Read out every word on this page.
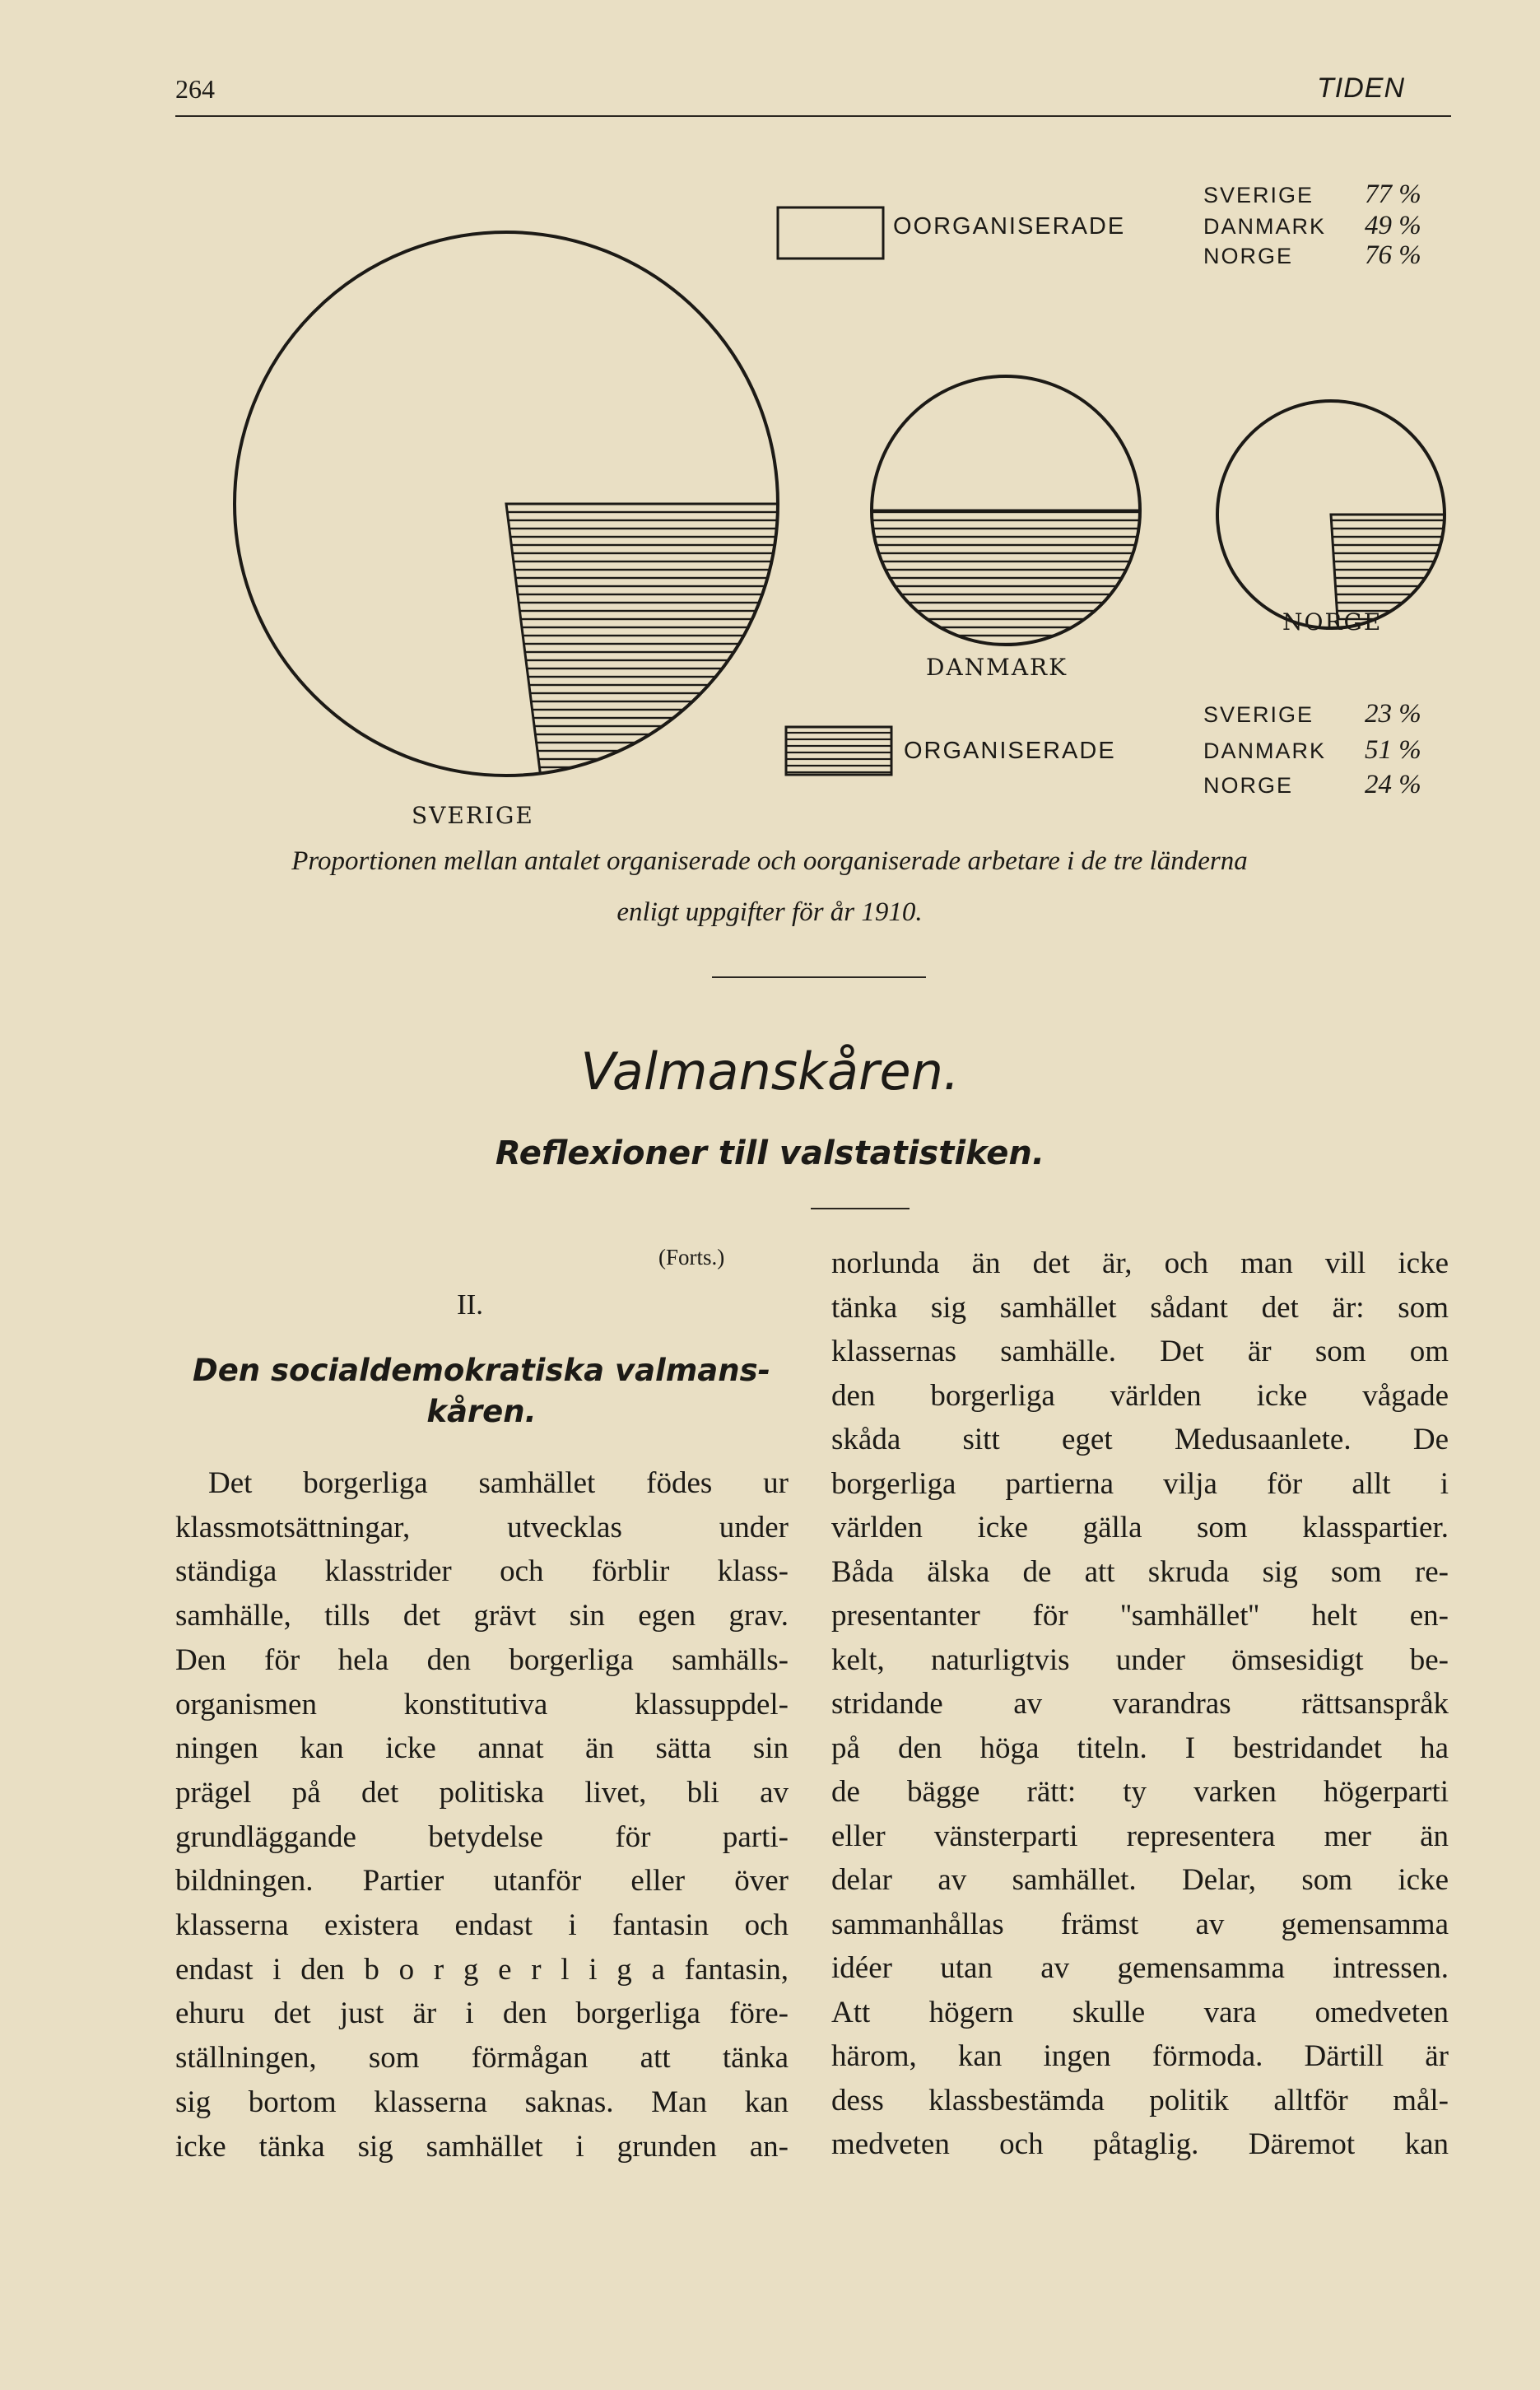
264	TIDEN
OORGANISERADE
SVERIGE
DANMARK
NORGE
77 %
49 %
76 %
ORGANISERADE
SVERIGE
DANMARK
NORGE
23 %
51 %
24 %
SVERIGE
DANMARK
NORGE
Proportionen mellan antalet organiserade och oorganiserade arbetare i de tre länderna
enligt uppgifter för år 1910.
Valmanskåren.
Reflexioner till valstatistiken.
(Forts.)
II.
Den socialdemokratiska valmans-
kåren.
Det borgerliga samhället födes ur
klassmotsättningar, utvecklas under
ständiga klasstrider och förblir klass-
samhälle, tills det grävt sin egen grav.
Den för hela den borgerliga samhälls-
organismen konstitutiva klassuppdel-
ningen kan icke annat än sätta sin
prägel på det politiska livet, bli av
grundläggande betydelse för parti-
bildningen. Partier utanför eller över
klasserna existera endast i fantasin och
endast i den b o r g e r l i g a fantasin,
ehuru det just är i den borgerliga före-
ställningen, som förmågan att tänka
sig bortom klasserna saknas. Man kan
icke tänka sig samhället i grunden an-
norlunda än det är, och man vill icke
tänka sig samhället sådant det är: som
klassernas samhälle. Det är som om
den borgerliga världen icke vågade
skåda sitt eget Medusaanlete. De
borgerliga partierna vilja för allt i
världen icke gälla som klasspartier.
Båda älska de att skruda sig som re-
presentanter för ''samhället'' helt en-
kelt, naturligtvis under ömsesidigt be-
stridande av varandras rättsanspråk
på den höga titeln. I bestridandet ha
de bägge rätt: ty varken högerparti
eller vänsterparti representera mer än
delar av samhället. Delar, som icke
sammanhållas främst av gemensamma
idéer utan av gemensamma intressen.
Att högern skulle vara omedveten
härom, kan ingen förmoda. Därtill är
dess klassbestämda politik alltför mål-
medveten och påtaglig. Däremot kan
